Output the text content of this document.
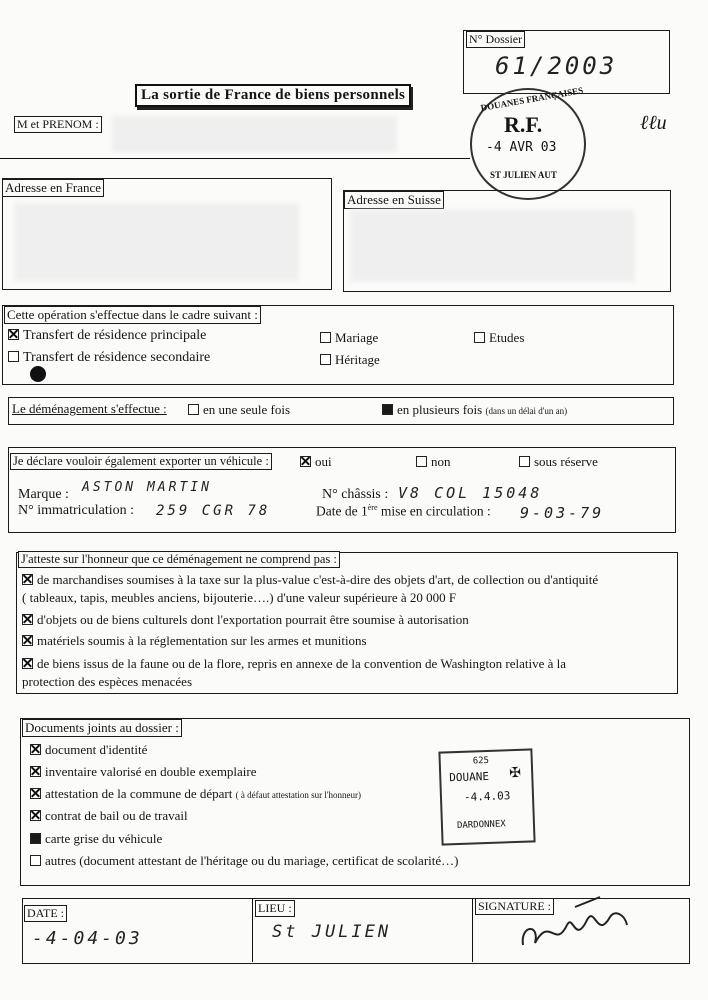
N° Dossier
61/2003
La sortie de France de biens personnels	DOUANES FRANÇAISES
R.F.
-4 AVR 03
ST JULIEN AUT
ℓℓu
M et PRENOM :
Adresse en France
Adresse en Suisse
Cette opération s'effectue dans le cadre suivant :
Transfert de résidence principale	Mariage	Etudes
Transfert de résidence secondaire	Héritage
Le déménagement s'effectue :	en une seule fois	en plusieurs fois (dans un délai d'un an)
Je déclare vouloir également exporter un véhicule :	oui	non	sous réserve
Marque : ASTON MARTIN
N° immatriculation : 259 CGR 78
N° châssis : V8 COL 15048
Date de 1ère mise en circulation : 9-03-79
J'atteste sur l'honneur que ce déménagement ne comprend pas :
de marchandises soumises à la taxe sur la plus-value c'est-à-dire des objets d'art, de collection ou d'antiquité
( tableaux, tapis, meubles anciens, bijouterie….) d'une valeur supérieure à 20 000 F
d'objets ou de biens culturels dont l'exportation pourrait être soumise à autorisation
matériels soumis à la réglementation sur les armes et munitions
de biens issus de la faune ou de la flore, repris en annexe de la convention de Washington relative à la
protection des espèces menacées
Documents joints au dossier :
document d'identité
inventaire valorisé en double exemplaire
attestation de la commune de départ ( à défaut attestation sur l'honneur)
contrat de bail ou de travail
carte grise du véhicule
autres (document attestant de l'héritage ou du mariage, certificat de scolarité…)
625
DOUANE ✠
-4.4.03
DARDONNEX
DATE :
-4-04-03
LIEU :
St JULIEN
SIGNATURE :
